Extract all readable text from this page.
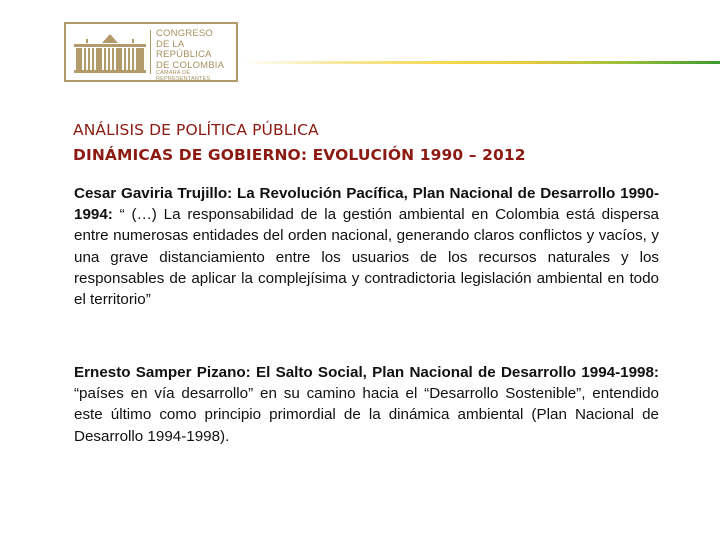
CONGRESO
DE LA REPÚBLICA
DE COLOMBIA
CÁMARA DE REPRESENTANTES
ANÁLISIS DE POLÍTICA PÚBLICA
DINÁMICAS DE GOBIERNO: EVOLUCIÓN 1990 – 2012

Cesar Gaviria Trujillo: La Revolución Pacífica, Plan Nacional de Desarrollo 1990-1994: “ (…) La responsabilidad de la gestión ambiental en Colombia está dispersa entre numerosas entidades del orden nacional, generando claros conflictos y vacíos, y una grave distanciamiento entre los usuarios de los recursos naturales y los responsables de aplicar la complejísima y contradictoria legislación ambiental en todo el territorio”

Ernesto Samper Pizano: El Salto Social, Plan Nacional de Desarrollo 1994-1998: “países en vía desarrollo” en su camino hacia el “Desarrollo Sostenible”, entendido este último como principio primordial de la dinámica ambiental (Plan Nacional de Desarrollo 1994-1998).
